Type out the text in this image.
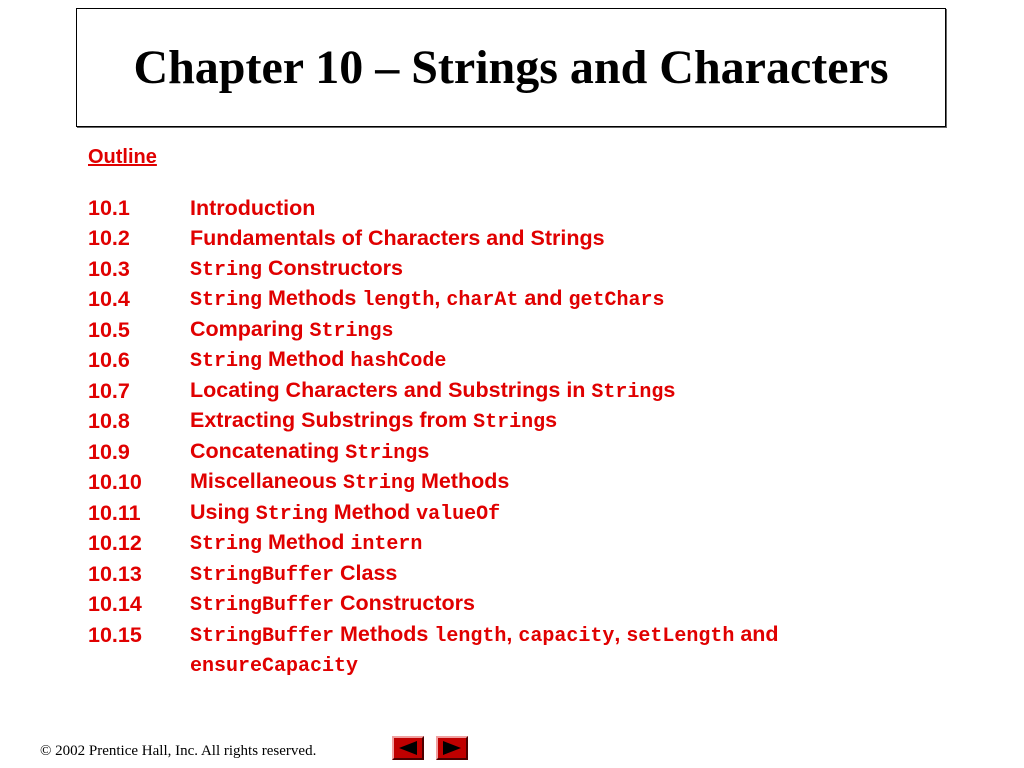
Chapter 10 – Strings and Characters
Outline
10.1	Introduction
10.2	Fundamentals of Characters and Strings
10.3	String Constructors
10.4	String Methods length, charAt and getChars
10.5	Comparing Strings
10.6	String Method hashCode
10.7	Locating Characters and Substrings in Strings
10.8	Extracting Substrings from Strings
10.9	Concatenating Strings
10.10	Miscellaneous String Methods
10.11	Using String Method valueOf
10.12	String Method intern
10.13	StringBuffer Class
10.14	StringBuffer Constructors
10.15	StringBuffer Methods length, capacity, setLength and
ensureCapacity
© 2002 Prentice Hall, Inc. All rights reserved.
